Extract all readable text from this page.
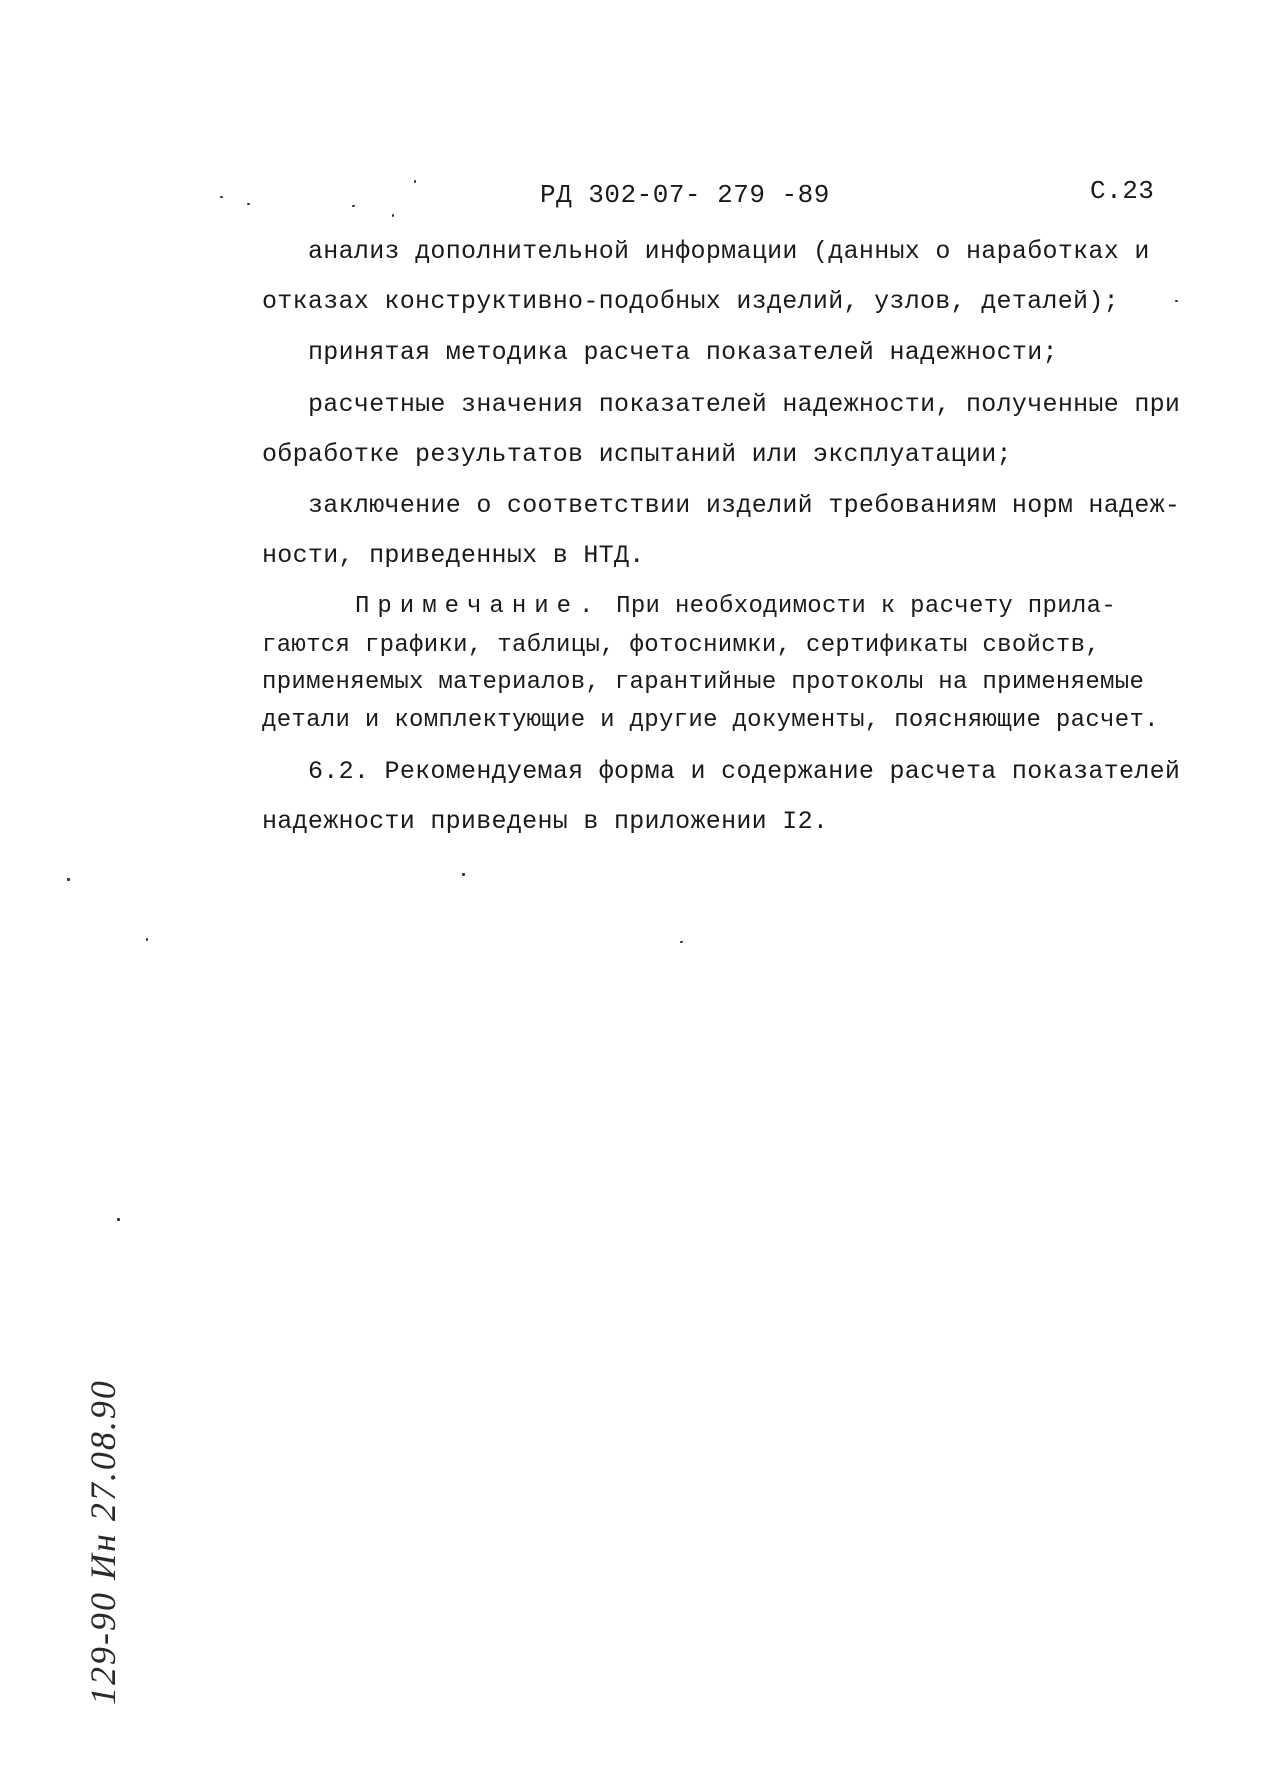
РД 302-07- 279 -89	С.23
анализ дополнительной информации (данных о наработках и
отказах конструктивно-подобных изделий, узлов, деталей);
принятая методика расчета показателей надежности;
расчетные значения показателей надежности, полученные при
обработке результатов испытаний или эксплуатации;
заключение о соответствии изделий требованиям норм надеж-
ности, приведенных в НТД.
Примечание. При необходимости к расчету прила-
гаются графики, таблицы, фотоснимки, сертификаты свойств,
применяемых материалов, гарантийные протоколы на применяемые
детали и комплектующие и другие документы, поясняющие расчет.
6.2. Рекомендуемая форма и содержание расчета показателей
надежности приведены в приложении I2.
129-90 Ин 27.08.90
